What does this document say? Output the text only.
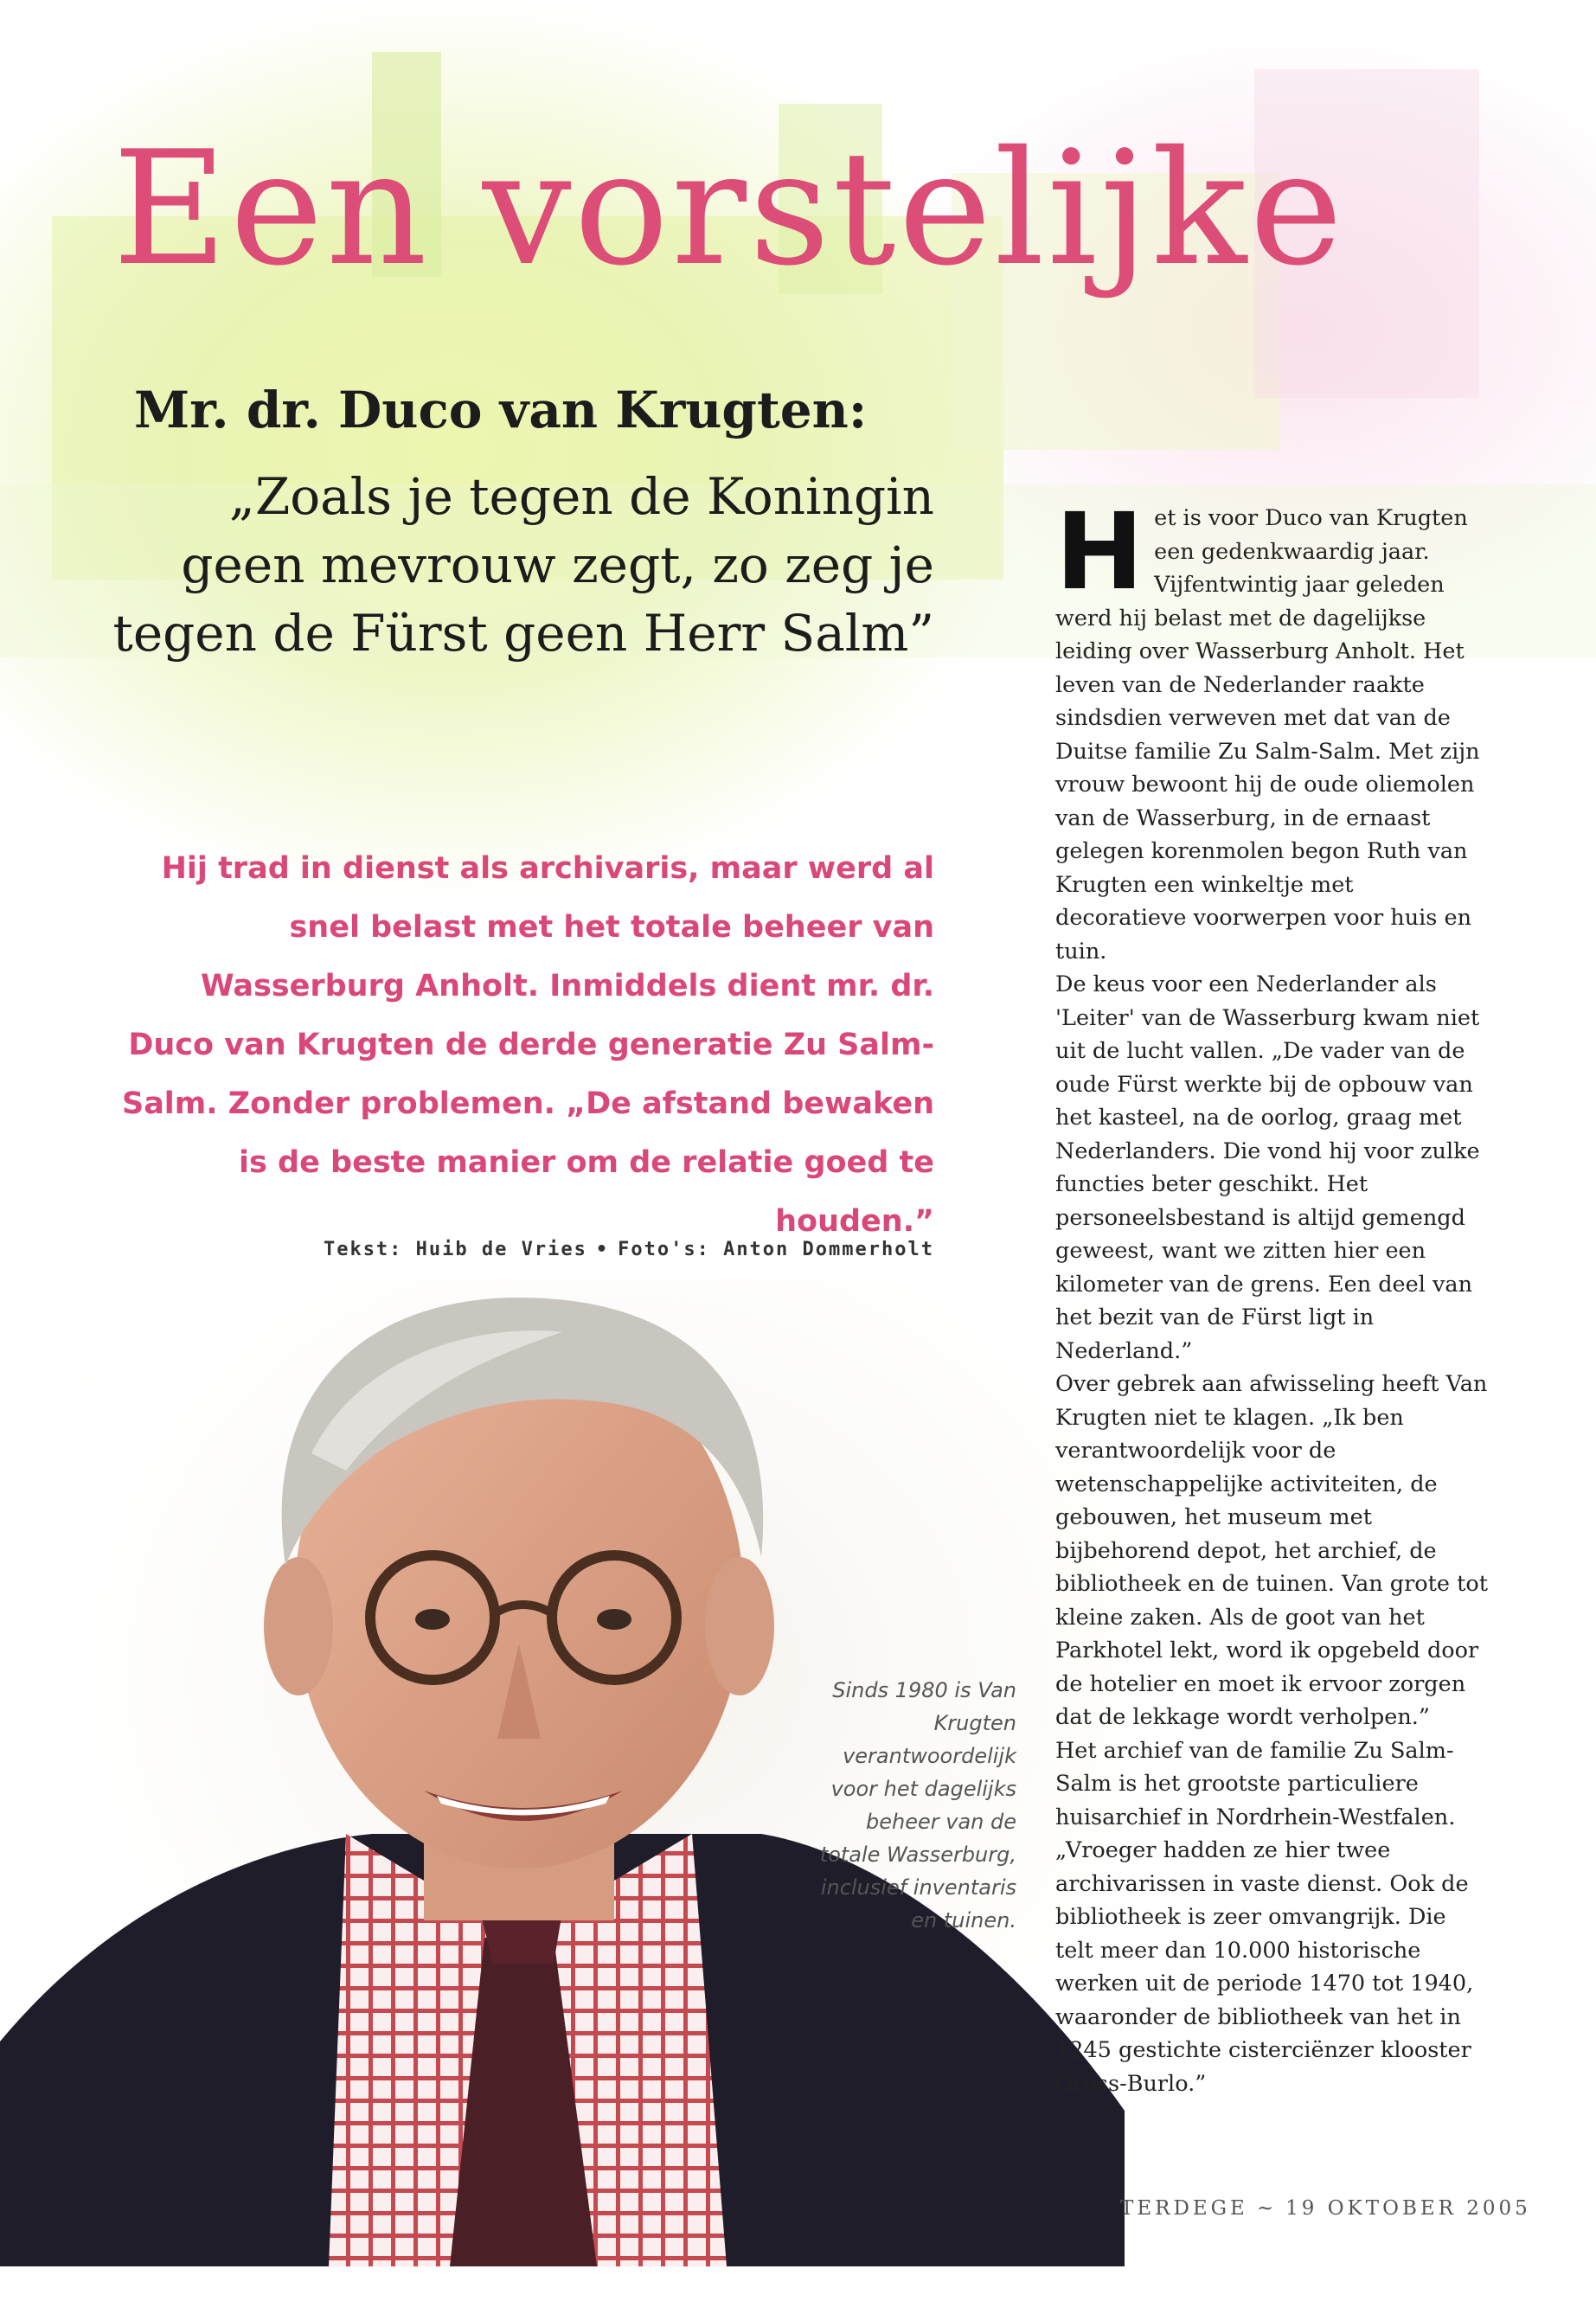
Een vorstelijke
Mr. dr. Duco van Krugten:

„Zoals je tegen de Koningin geen mevrouw zegt, zo zeg je tegen de Fürst geen Herr Salm”

Hij trad in dienst als archivaris, maar werd al snel belast met het totale beheer van Wasserburg Anholt. Inmiddels dient mr. dr. Duco van Krugten de derde generatie Zu Salm-Salm. Zonder problemen. „De afstand bewaken is de beste manier om de relatie goed te houden.”

Tekst: Huib de Vries • Foto's: Anton Dommerholt

Sinds 1980 is Van Krugten verantwoordelijk voor het dagelijks beheer van de totale Wasserburg, inclusief inventaris en tuinen.

H et is voor Duco van Krugten een gedenkwaardig jaar. Vijfentwintig jaar geleden werd hij belast met de dagelijkse leiding over Wasserburg Anholt. Het leven van de Nederlander raakte sindsdien verweven met dat van de Duitse familie Zu Salm-Salm. Met zijn vrouw bewoont hij de oude oliemolen van de Wasserburg, in de ernaast gelegen korenmolen begon Ruth van Krugten een winkeltje met decoratieve voorwerpen voor huis en tuin.

De keus voor een Nederlander als 'Leiter' van de Wasserburg kwam niet uit de lucht vallen. „De vader van de oude Fürst werkte bij de opbouw van het kasteel, na de oorlog, graag met Nederlanders. Die vond hij voor zulke functies beter geschikt. Het personeelsbestand is altijd gemengd geweest, want we zitten hier een kilometer van de grens. Een deel van het bezit van de Fürst ligt in Nederland.”

Over gebrek aan afwisseling heeft Van Krugten niet te klagen. „Ik ben verantwoordelijk voor de wetenschappelijke activiteiten, de gebouwen, het museum met bijbehorend depot, het archief, de bibliotheek en de tuinen. Van grote tot kleine zaken. Als de goot van het Parkhotel lekt, word ik opgebeld door de hotelier en moet ik ervoor zorgen dat de lekkage wordt verholpen.”

Het archief van de familie Zu Salm-Salm is het grootste particuliere huisarchief in Nordrhein-Westfalen. „Vroeger hadden ze hier twee archivarissen in vaste dienst. Ook de bibliotheek is zeer omvangrijk. Die telt meer dan 10.000 historische werken uit de periode 1470 tot 1940, waaronder de bibliotheek van het in 1245 gestichte cisterciënzer klooster Gross-Burlo.”

TERDEGE ~ 19 OKTOBER 2005
